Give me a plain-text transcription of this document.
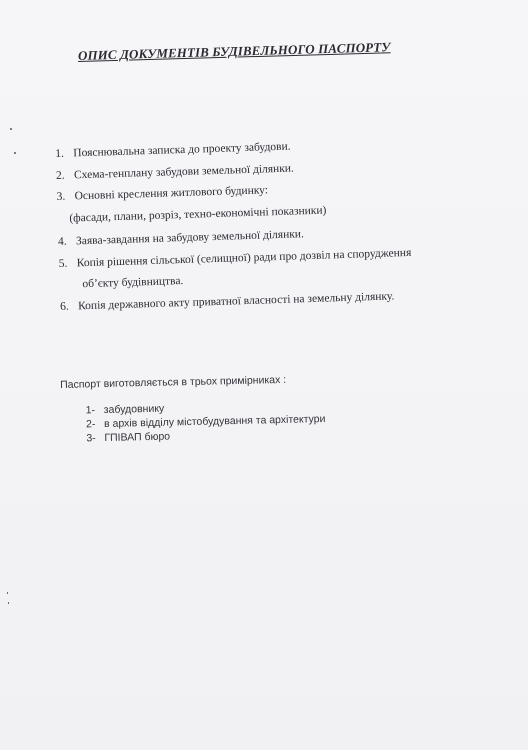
ОПИС ДОКУМЕНТІВ БУДІВЕЛЬНОГО ПАСПОРТУ
1. Пояснювальна записка до проекту забудови.
2. Схема-генплану забудови земельної ділянки.
3. Основні креслення житлового будинку:
(фасади, плани, розріз, техно-економічні показники)
4. Заява-завдання на забудову земельної ділянки.
5. Копія рішення сільської (селищної) ради про дозвіл на спорудження
об’єкту будівництва.
6. Копія державного акту приватної власності на земельну ділянку.
Паспорт виготовляється в трьох примірниках :
1- забудовнику
2- в архів відділу містобудування та архітектури
3- ГПІВАП бюро
